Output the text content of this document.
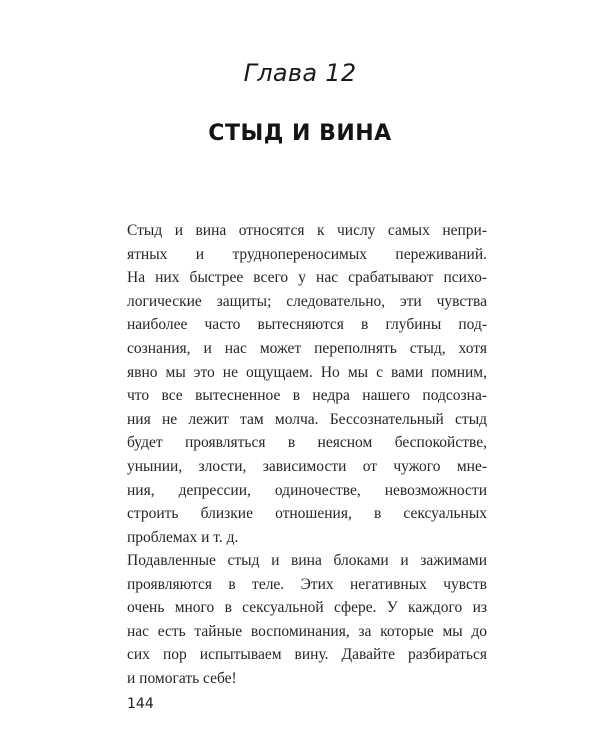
Глава 12
СТЫД И ВИНА
Стыд и вина относятся к числу самых непри-
ятных и труднопереносимых переживаний.
На них быстрее всего у нас срабатывают психо-
логические защиты; следовательно, эти чувства
наиболее часто вытесняются в глубины под-
сознания, и нас может переполнять стыд, хотя
явно мы это не ощущаем. Но мы с вами помним,
что все вытесненное в недра нашего подсозна-
ния не лежит там молча. Бессознательный стыд
будет проявляться в неясном беспокойстве,
унынии, злости, зависимости от чужого мне-
ния, депрессии, одиночестве, невозможности
строить близкие отношения, в сексуальных
проблемах и т. д.
Подавленные стыд и вина блоками и зажимами
проявляются в теле. Этих негативных чувств
очень много в сексуальной сфере. У каждого из
нас есть тайные воспоминания, за которые мы до
сих пор испытываем вину. Давайте разбираться
и помогать себе!
144
